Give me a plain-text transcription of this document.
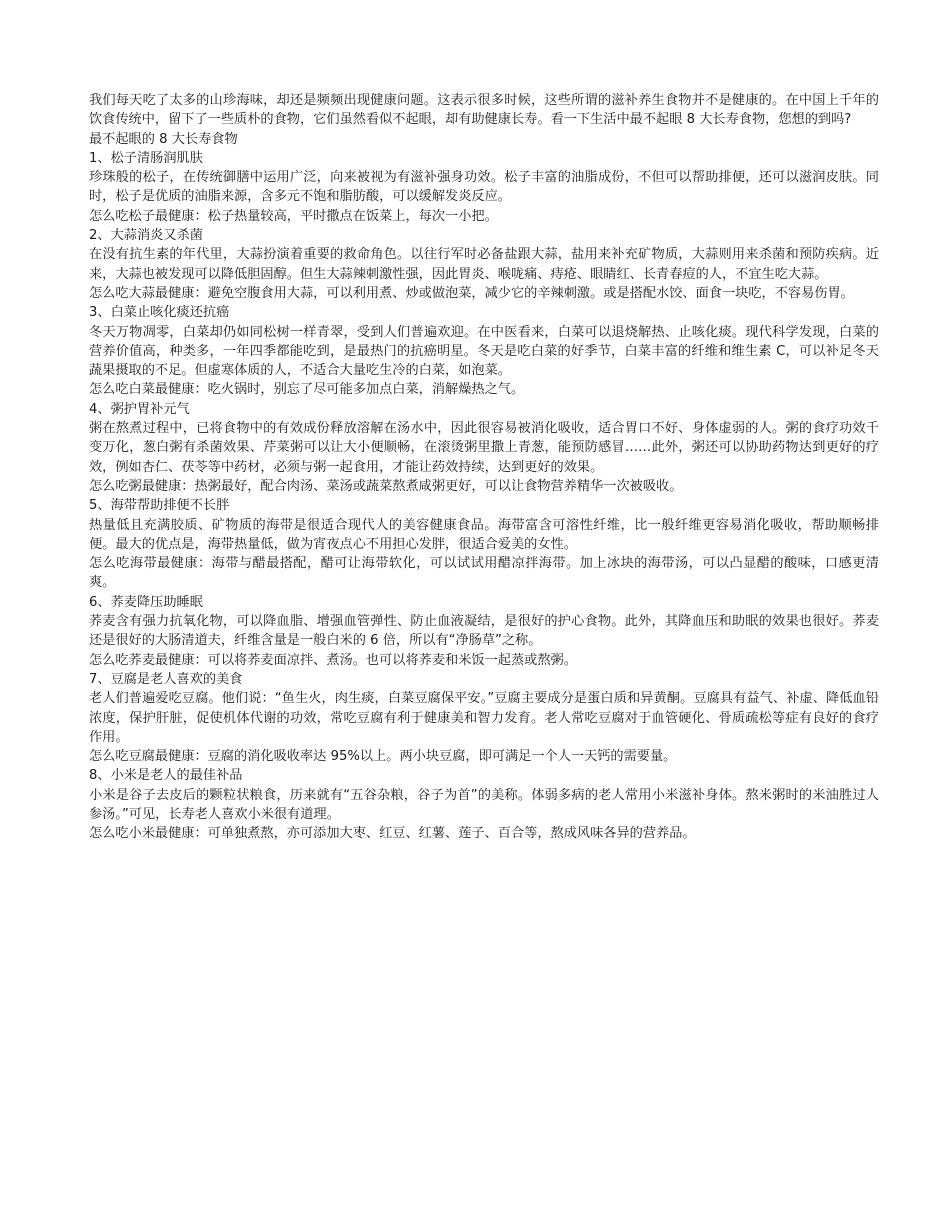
我们每天吃了太多的山珍海味，却还是频频出现健康问题。这表示很多时候，这些所谓的滋补养生食物并不是健康的。在中国上千年的饮食传统中，留下了一些质朴的食物，它们虽然看似不起眼，却有助健康长寿。看一下生活中最不起眼 8 大长寿食物，您想的到吗?

最不起眼的 8 大长寿食物

1、松子清肠润肌肤

珍珠般的松子，在传统御膳中运用广泛，向来被视为有滋补强身功效。松子丰富的油脂成份，不但可以帮助排便，还可以滋润皮肤。同时，松子是优质的油脂来源，含多元不饱和脂肪酸，可以缓解发炎反应。

怎么吃松子最健康：松子热量较高，平时撒点在饭菜上，每次一小把。

2、大蒜消炎又杀菌

在没有抗生素的年代里，大蒜扮演着重要的救命角色。以往行军时必备盐跟大蒜，盐用来补充矿物质，大蒜则用来杀菌和预防疾病。近来，大蒜也被发现可以降低胆固醇。但生大蒜辣刺激性强，因此胃炎、喉咙痛、痔疮、眼睛红、长青春痘的人，不宜生吃大蒜。

怎么吃大蒜最健康：避免空腹食用大蒜，可以利用煮、炒或做泡菜，减少它的辛辣刺激。或是搭配水饺、面食一块吃，不容易伤胃。

3、白菜止咳化痰还抗癌

冬天万物凋零，白菜却仍如同松树一样青翠，受到人们普遍欢迎。在中医看来，白菜可以退烧解热、止咳化痰。现代科学发现，白菜的营养价值高，种类多，一年四季都能吃到，是最热门的抗癌明星。冬天是吃白菜的好季节，白菜丰富的纤维和维生素 C，可以补足冬天蔬果摄取的不足。但虚寒体质的人，不适合大量吃生冷的白菜，如泡菜。

怎么吃白菜最健康：吃火锅时，别忘了尽可能多加点白菜，消解燥热之气。

4、粥护胃补元气

粥在熬煮过程中，已将食物中的有效成份释放溶解在汤水中，因此很容易被消化吸收，适合胃口不好、身体虚弱的人。粥的食疗功效千变万化，葱白粥有杀菌效果、芹菜粥可以让大小便顺畅，在滚烫粥里撒上青葱，能预防感冒……此外，粥还可以协助药物达到更好的疗效，例如杏仁、茯苓等中药材，必须与粥一起食用，才能让药效持续，达到更好的效果。

怎么吃粥最健康：热粥最好，配合肉汤、菜汤或蔬菜熬煮咸粥更好，可以让食物营养精华一次被吸收。

5、海带帮助排便不长胖

热量低且充满胶质、矿物质的海带是很适合现代人的美容健康食品。海带富含可溶性纤维，比一般纤维更容易消化吸收，帮助顺畅排便。最大的优点是，海带热量低，做为宵夜点心不用担心发胖，很适合爱美的女性。

怎么吃海带最健康：海带与醋最搭配，醋可让海带软化，可以试试用醋凉拌海带。加上冰块的海带汤，可以凸显醋的酸味，口感更清爽。

6、荞麦降压助睡眠

荞麦含有强力抗氧化物，可以降血脂、增强血管弹性、防止血液凝结，是很好的护心食物。此外，其降血压和助眠的效果也很好。荞麦还是很好的大肠清道夫，纤维含量是一般白米的 6 倍，所以有“净肠草”之称。

怎么吃荞麦最健康：可以将荞麦面凉拌、煮汤。也可以将荞麦和米饭一起蒸或熬粥。

7、豆腐是老人喜欢的美食

老人们普遍爱吃豆腐。他们说：“鱼生火，肉生痰，白菜豆腐保平安。”豆腐主要成分是蛋白质和异黄酮。豆腐具有益气、补虚、降低血铅浓度，保护肝脏，促使机体代谢的功效，常吃豆腐有利于健康美和智力发育。老人常吃豆腐对于血管硬化、骨质疏松等症有良好的食疗作用。

怎么吃豆腐最健康：豆腐的消化吸收率达 95%以上。两小块豆腐，即可满足一个人一天钙的需要量。

8、小米是老人的最佳补品

小米是谷子去皮后的颗粒状粮食，历来就有“五谷杂粮，谷子为首”的美称。体弱多病的老人常用小米滋补身体。熬米粥时的米油胜过人参汤。”可见，长寿老人喜欢小米很有道理。

怎么吃小米最健康：可单独煮熬，亦可添加大枣、红豆、红薯、莲子、百合等，熬成风味各异的营养品。
